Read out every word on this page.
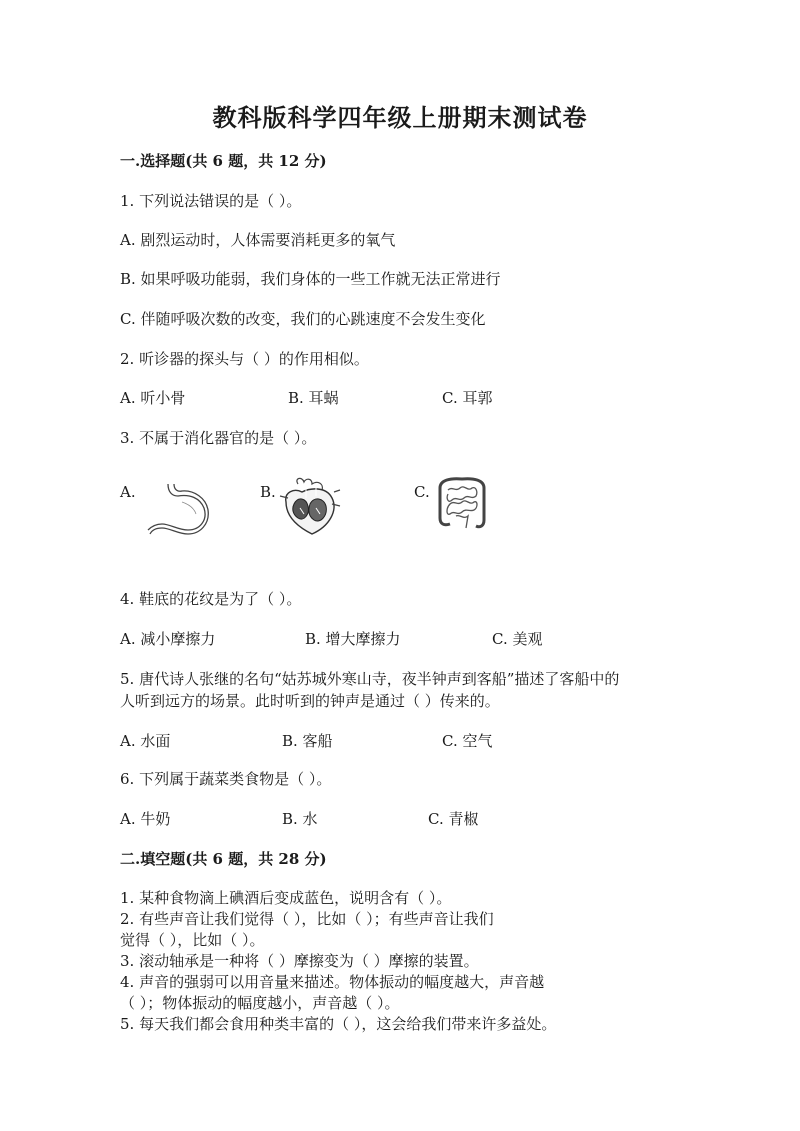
教科版科学四年级上册期末测试卷
一.选择题(共 6 题，共 12 分)
1. 下列说法错误的是（ ）。
A. 剧烈运动时，人体需要消耗更多的氧气
B. 如果呼吸功能弱，我们身体的一些工作就无法正常进行
C. 伴随呼吸次数的改变，我们的心跳速度不会发生变化
2. 听诊器的探头与（ ）的作用相似。
A. 听小骨	B. 耳蜗	C. 耳郭
3. 不属于消化器官的是（ ）。
A.	B.	C.
4. 鞋底的花纹是为了（ ）。
A. 减小摩擦力	B. 增大摩擦力	C. 美观
5. 唐代诗人张继的名句“姑苏城外寒山寺，夜半钟声到客船”描述了客船中的
人听到远方的场景。此时听到的钟声是通过（ ）传来的。
A. 水面	B. 客船	C. 空气
6. 下列属于蔬菜类食物是（ ）。
A. 牛奶	B. 水	C. 青椒
二.填空题(共 6 题，共 28 分)
1. 某种食物滴上碘酒后变成蓝色，说明含有（ ）。
2. 有些声音让我们觉得（ ），比如（ ）；有些声音让我们
觉得（ ），比如（ ）。
3. 滚动轴承是一种将（ ）摩擦变为（ ）摩擦的装置。
4. 声音的强弱可以用音量来描述。物体振动的幅度越大，声音越
（ ）；物体振动的幅度越小，声音越（ ）。
5. 每天我们都会食用种类丰富的（ ），这会给我们带来许多益处。
